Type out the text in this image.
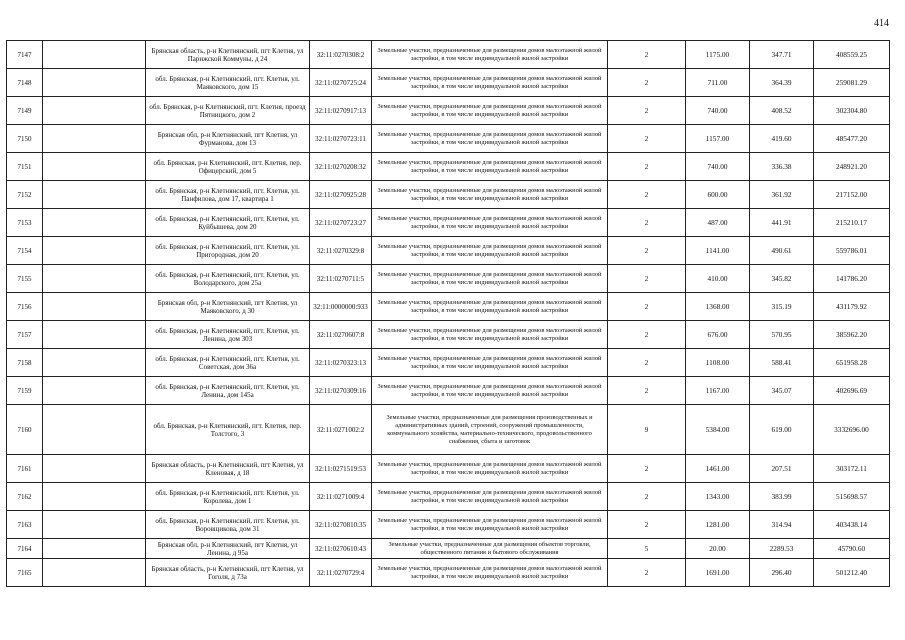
414
7147		Брянская область, р-н Клетнянский, пгт Клетня, ул Парижской Коммуны, д 24	32:11:0270308:2	Земельные участки, предназначенные для размещения домов малоэтажной жилой застройки, в том числе индивидуальной жилой застройки	2	1175.00	347.71	408559.25
7148		обл. Брянская, р-н Клетнянский, пгт. Клетня, ул. Маяковского, дом 15	32:11:0270725:24	Земельные участки, предназначенные для размещения домов малоэтажной жилой застройки, в том числе индивидуальной жилой застройки	2	711.00	364.39	259081.29
7149		обл. Брянская, р-н Клетнянский, пгт. Клетня, проезд Пятницкого, дом 2	32:11:0270917:13	Земельные участки, предназначенные для размещения домов малоэтажной жилой застройки, в том числе индивидуальной жилой застройки	2	740.00	408.52	302304.80
7150		Брянская обл, р-н Клетнянский, пгт Клетня, ул Фурманова, дом 13	32:11:0270723:11	Земельные участки, предназначенные для размещения домов малоэтажной жилой застройки, в том числе индивидуальной жилой застройки	2	1157.00	419.60	485477.20
7151		обл. Брянская, р-н Клетнянский, пгт. Клетня, пер. Офицерский, дом 5	32:11:0270208:32	Земельные участки, предназначенные для размещения домов малоэтажной жилой застройки, в том числе индивидуальной жилой застройки	2	740.00	336.38	248921.20
7152		обл. Брянская, р-н Клетнянский, пгт. Клетня, ул. Панфилова, дом 17, квартира 1	32:11:0270925:28	Земельные участки, предназначенные для размещения домов малоэтажной жилой застройки, в том числе индивидуальной жилой застройки	2	600.00	361.92	217152.00
7153		обл. Брянская, р-н Клетнянский, пгт. Клетня, ул. Куйбышева, дом 20	32:11:0270723:27	Земельные участки, предназначенные для размещения домов малоэтажной жилой застройки, в том числе индивидуальной жилой застройки	2	487.00	441.91	215210.17
7154		обл. Брянская, р-н Клетнянский, пгт. Клетня, ул. Пригородная, дом 20	32:11:0270329:8	Земельные участки, предназначенные для размещения домов малоэтажной жилой застройки, в том числе индивидуальной жилой застройки	2	1141.00	490.61	559786.01
7155		обл. Брянская, р-н Клетнянский, пгт. Клетня, ул. Володарского, дом 25а	32:11:0270711:5	Земельные участки, предназначенные для размещения домов малоэтажной жилой застройки, в том числе индивидуальной жилой застройки	2	410.00	345.82	141786.20
7156		Брянская обл, р-н Клетнянский, пгт Клетня, ул Маяковского, д 30	32:11:0000000:933	Земельные участки, предназначенные для размещения домов малоэтажной жилой застройки, в том числе индивидуальной жилой застройки	2	1368.00	315.19	431179.92
7157		обл. Брянская, р-н Клетнянский, пгт. Клетня, ул. Ленина, дом 303	32:11:0270607:8	Земельные участки, предназначенные для размещения домов малоэтажной жилой застройки, в том числе индивидуальной жилой застройки	2	676.00	570.95	385962.20
7158		обл. Брянская, р-н Клетнянский, пгт. Клетня, ул. Советская, дом 36а	32:11:0270323:13	Земельные участки, предназначенные для размещения домов малоэтажной жилой застройки, в том числе индивидуальной жилой застройки	2	1108.00	588.41	651958.28
7159		обл. Брянская, р-н Клетнянский, пгт. Клетня, ул. Ленина, дом 145а	32:11:0270309:16	Земельные участки, предназначенные для размещения домов малоэтажной жилой застройки, в том числе индивидуальной жилой застройки	2	1167.00	345.07	402696.69
7160		обл. Брянская, р-н Клетнянский, пгт. Клетня, пер. Толстого, 3	32:11:0271002:2	Земельные участки, предназначенные для размещения производственных и административных зданий, строений, сооружений промышленности, коммунального хозяйства, материально-технического, продовольственного снабжения, сбыта и заготовок	9	5384.00	619.00	3332696.00
7161		Брянская область, р-н Клетнянский, пгт Клетня, ул Кленовая, д 18	32:11:0271519:53	Земельные участки, предназначенные для размещения домов малоэтажной жилой застройки, в том числе индивидуальной жилой застройки	2	1461.00	207.51	303172.11
7162		обл. Брянская, р-н Клетнянский, пгт. Клетня, ул. Королева, дом 1	32:11:0271009:4	Земельные участки, предназначенные для размещения домов малоэтажной жилой застройки, в том числе индивидуальной жилой застройки	2	1343.00	383.99	515698.57
7163		обл. Брянская, р-н Клетнянский, пгт. Клетня, ул. Воровщикова, дом 31	32:11:0270810:35	Земельные участки, предназначенные для размещения домов малоэтажной жилой застройки, в том числе индивидуальной жилой застройки	2	1281.00	314.94	403438.14
7164		Брянская обл, р-н Клетнянский, пгт Клетня, ул Ленина, д 95а	32:11:0270610:43	Земельные участки, предназначенные для размещения объектов торговли, общественного питания и бытового обслуживания	5	20.00	2289.53	45790.60
7165		Брянская область, р-н Клетнянский, пгт Клетня, ул Гоголя, д 73а	32:11:0270729:4	Земельные участки, предназначенные для размещения домов малоэтажной жилой застройки, в том числе индивидуальной жилой застройки	2	1691.00	296.40	501212.40
